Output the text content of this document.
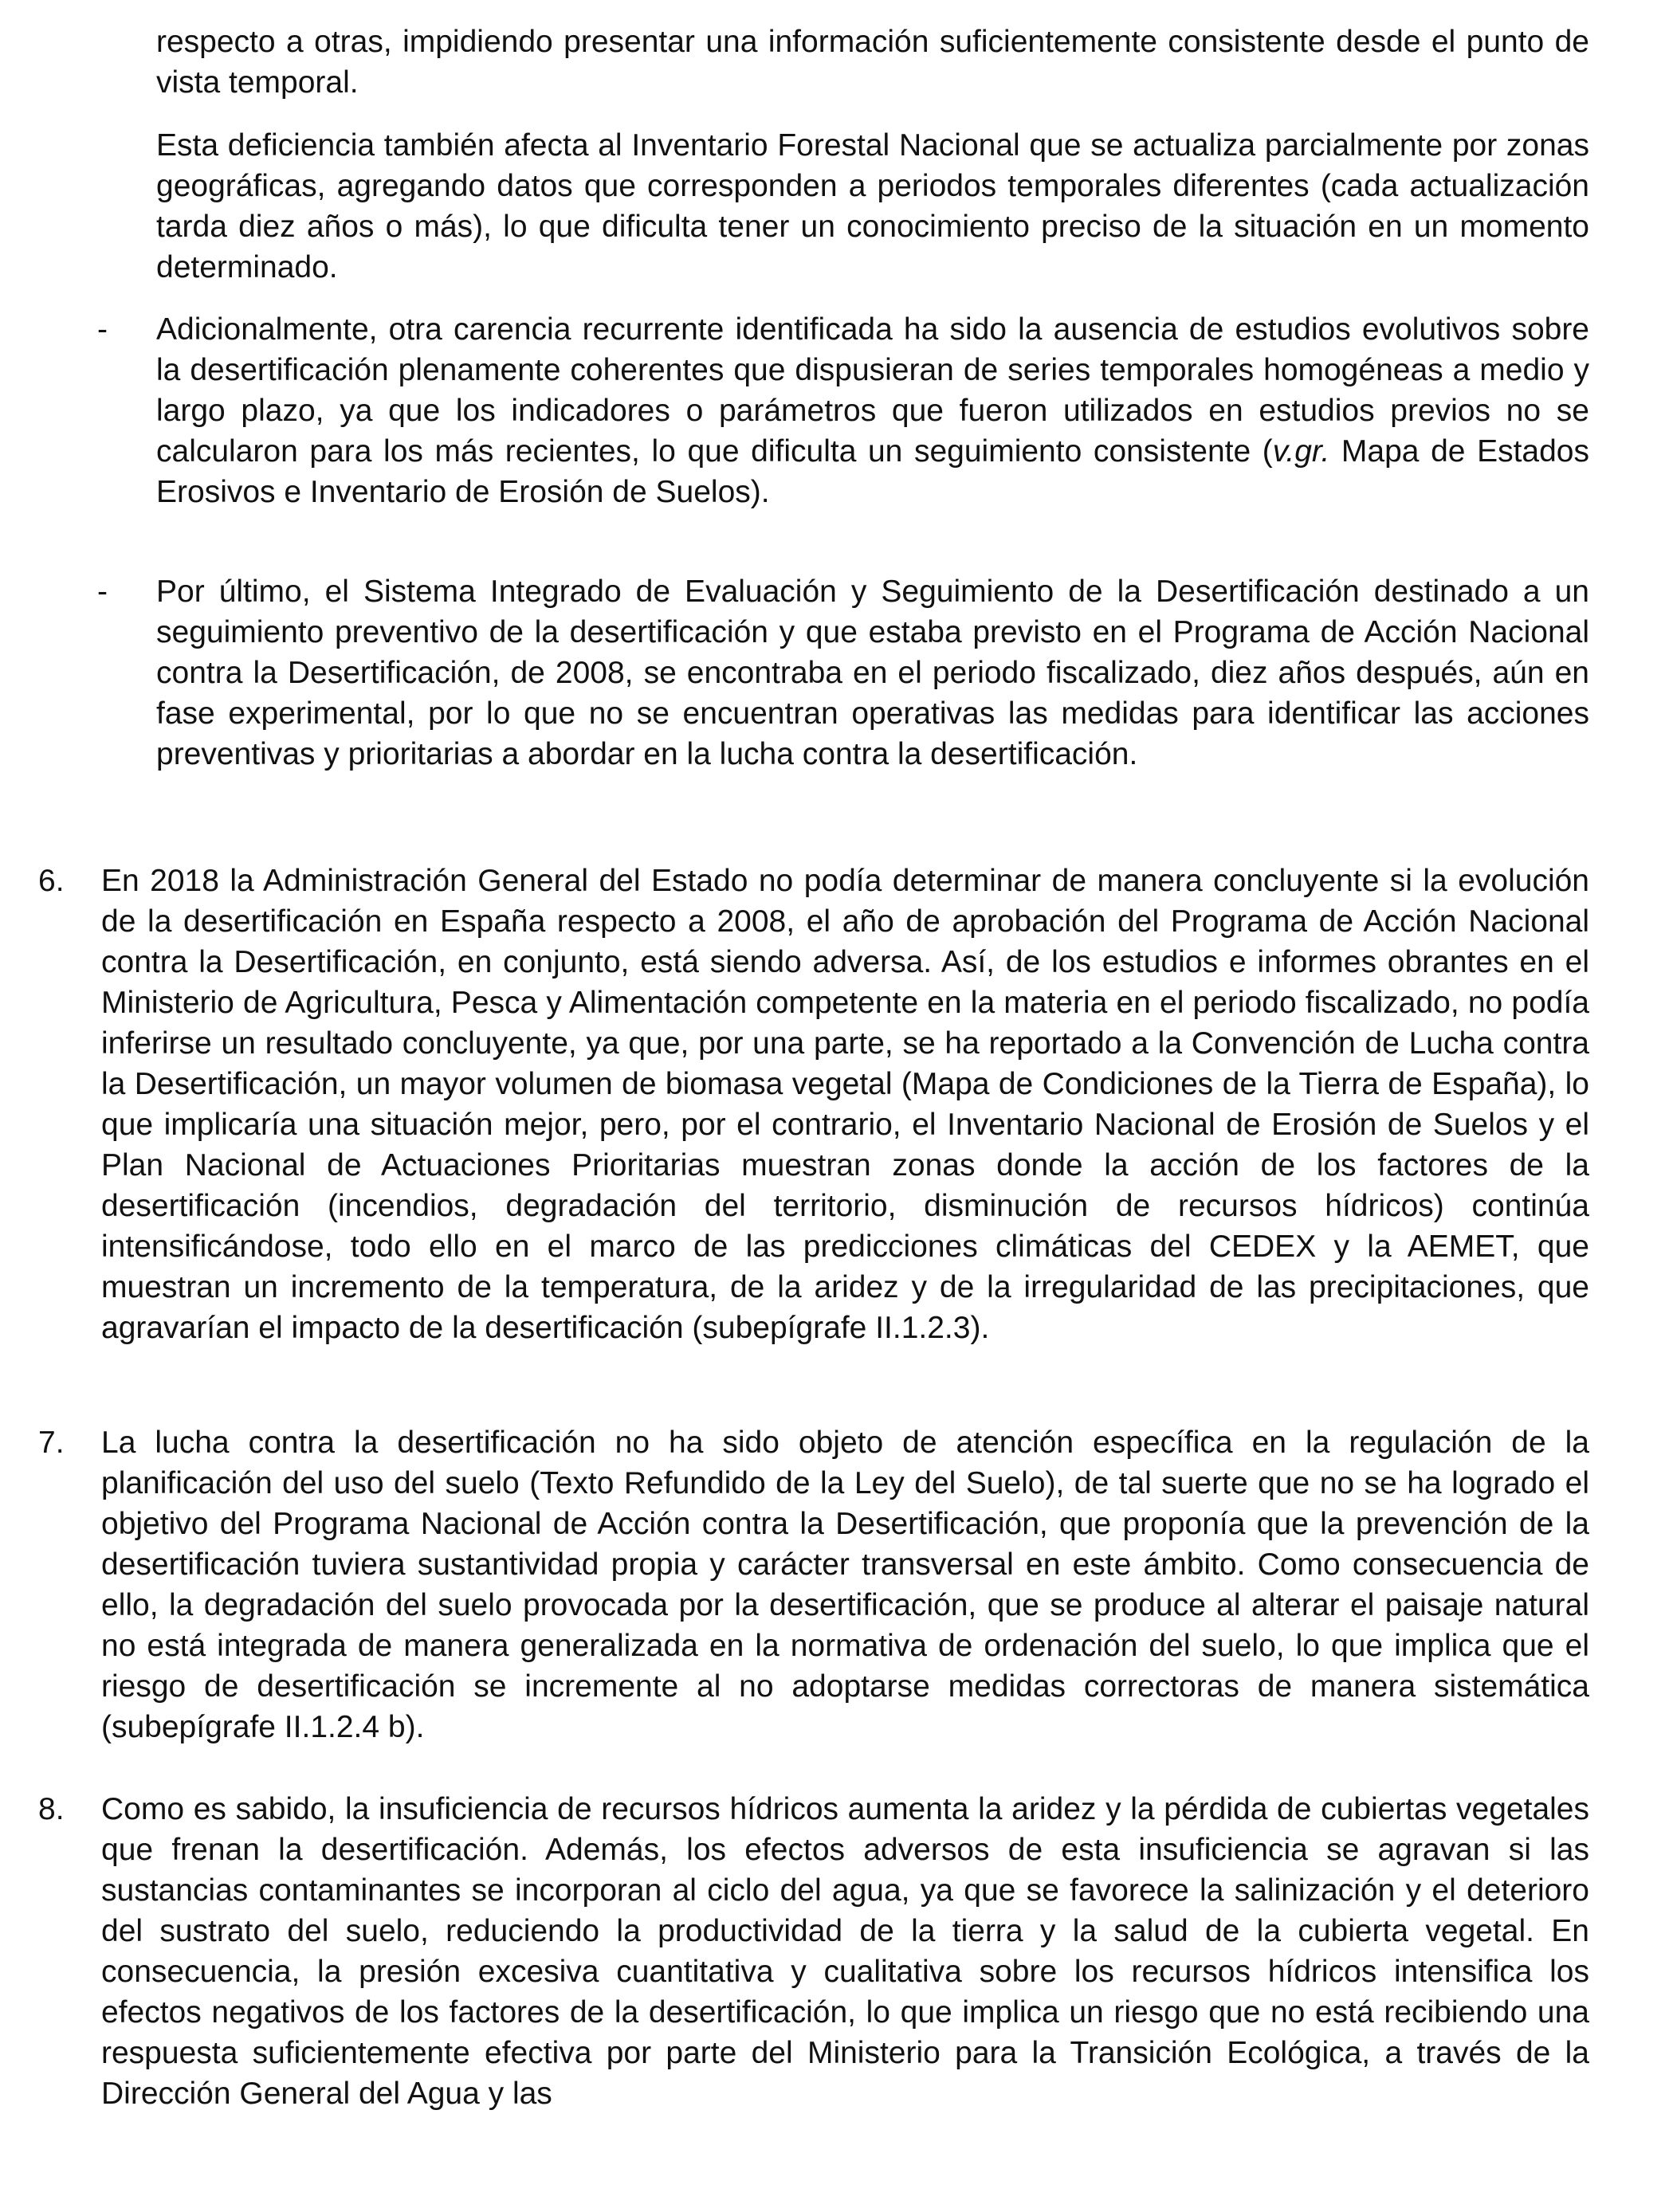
respecto a otras, impidiendo presentar una información suficientemente consistente desde el punto de vista temporal.

Esta deficiencia también afecta al Inventario Forestal Nacional que se actualiza parcialmente por zonas geográficas, agregando datos que corresponden a periodos temporales diferentes (cada actualización tarda diez años o más), lo que dificulta tener un conocimiento preciso de la situación en un momento determinado.

-	Adicionalmente, otra carencia recurrente identificada ha sido la ausencia de estudios evolutivos sobre la desertificación plenamente coherentes que dispusieran de series temporales homogéneas a medio y largo plazo, ya que los indicadores o parámetros que fueron utilizados en estudios previos no se calcularon para los más recientes, lo que dificulta un seguimiento consistente (v.gr. Mapa de Estados Erosivos e Inventario de Erosión de Suelos).

-	Por último, el Sistema Integrado de Evaluación y Seguimiento de la Desertificación destinado a un seguimiento preventivo de la desertificación y que estaba previsto en el Programa de Acción Nacional contra la Desertificación, de 2008, se encontraba en el periodo fiscalizado, diez años después, aún en fase experimental, por lo que no se encuentran operativas las medidas para identificar las acciones preventivas y prioritarias a abordar en la lucha contra la desertificación.

6.	En 2018 la Administración General del Estado no podía determinar de manera concluyente si la evolución de la desertificación en España respecto a 2008, el año de aprobación del Programa de Acción Nacional contra la Desertificación, en conjunto, está siendo adversa. Así, de los estudios e informes obrantes en el Ministerio de Agricultura, Pesca y Alimentación competente en la materia en el periodo fiscalizado, no podía inferirse un resultado concluyente, ya que, por una parte, se ha reportado a la Convención de Lucha contra la Desertificación, un mayor volumen de biomasa vegetal (Mapa de Condiciones de la Tierra de España), lo que implicaría una situación mejor, pero, por el contrario, el Inventario Nacional de Erosión de Suelos y el Plan Nacional de Actuaciones Prioritarias muestran zonas donde la acción de los factores de la desertificación (incendios, degradación del territorio, disminución de recursos hídricos) continúa intensificándose, todo ello en el marco de las predicciones climáticas del CEDEX y la AEMET, que muestran un incremento de la temperatura, de la aridez y de la irregularidad de las precipitaciones, que agravarían el impacto de la desertificación (subepígrafe II.1.2.3).

7.	La lucha contra la desertificación no ha sido objeto de atención específica en la regulación de la planificación del uso del suelo (Texto Refundido de la Ley del Suelo), de tal suerte que no se ha logrado el objetivo del Programa Nacional de Acción contra la Desertificación, que proponía que la prevención de la desertificación tuviera sustantividad propia y carácter transversal en este ámbito. Como consecuencia de ello, la degradación del suelo provocada por la desertificación, que se produce al alterar el paisaje natural no está integrada de manera generalizada en la normativa de ordenación del suelo, lo que implica que el riesgo de desertificación se incremente al no adoptarse medidas correctoras de manera sistemática (subepígrafe II.1.2.4 b).

8.	Como es sabido, la insuficiencia de recursos hídricos aumenta la aridez y la pérdida de cubiertas vegetales que frenan la desertificación. Además, los efectos adversos de esta insuficiencia se agravan si las sustancias contaminantes se incorporan al ciclo del agua, ya que se favorece la salinización y el deterioro del sustrato del suelo, reduciendo la productividad de la tierra y la salud de la cubierta vegetal. En consecuencia, la presión excesiva cuantitativa y cualitativa sobre los recursos hídricos intensifica los efectos negativos de los factores de la desertificación, lo que implica un riesgo que no está recibiendo una respuesta suficientemente efectiva por parte del Ministerio para la Transición Ecológica, a través de la Dirección General del Agua y las
